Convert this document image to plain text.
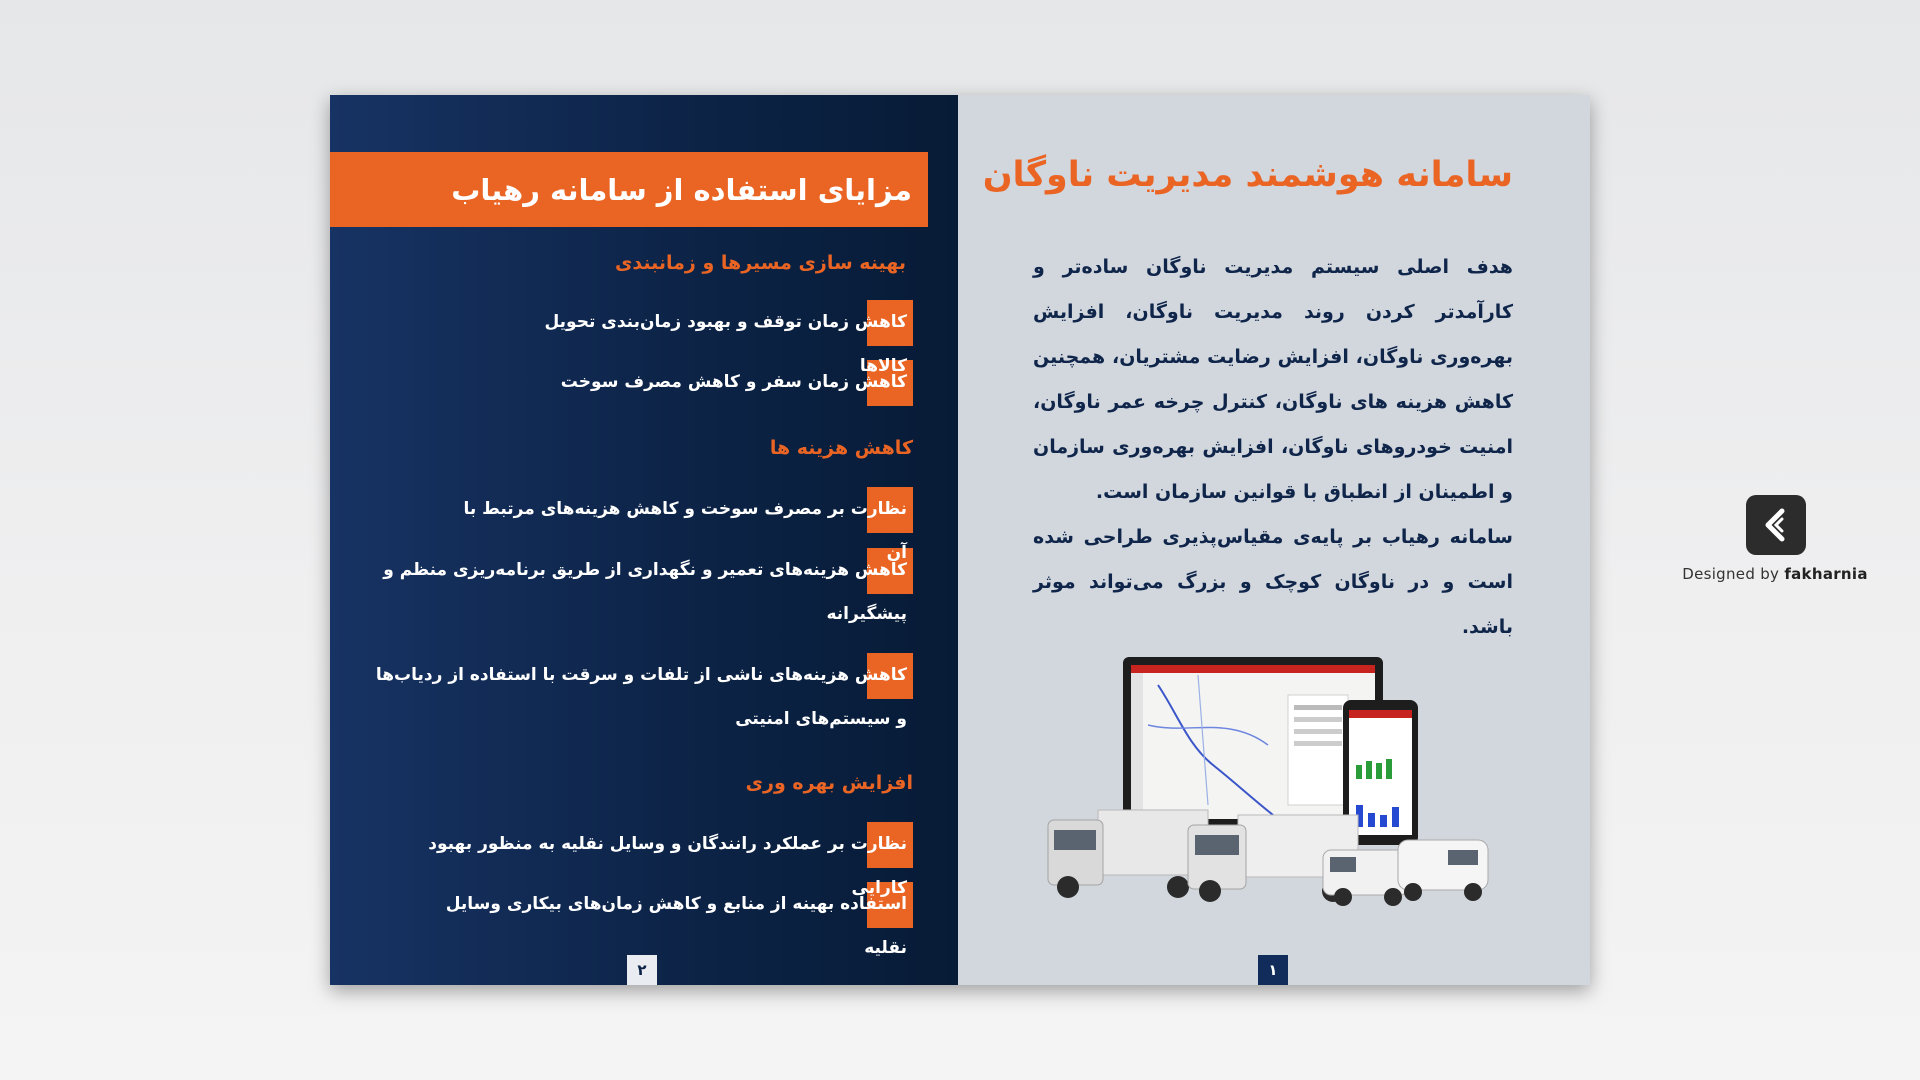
مزایای استفاده از سامانه رهیاب
بهینه سازی مسیرها و زمانبندی
کاهش زمان توقف و بهبود زمان‌بندی تحویل کالاها
کاهش زمان سفر و کاهش مصرف سوخت
کاهش هزینه ها
نظارت بر مصرف سوخت و کاهش هزینه‌های مرتبط با آن
کاهش هزینه‌های تعمیر و نگهداری از طریق برنامه‌ریزی منظم و پیشگیرانه
کاهش هزینه‌های ناشی از تلفات و سرقت با استفاده از ردیاب‌ها و سیستم‌های امنیتی
افزایش بهره وری
نظارت بر عملکرد رانندگان و وسایل نقلیه به منظور بهبود کارایی
استفاده بهینه از منابع و کاهش زمان‌های بیکاری وسایل نقلیه
۲
سامانه هوشمند مدیریت ناوگان

هدف اصلی سیستم مدیریت ناوگان ساده‌تر و کارآمدتر کردن روند مدیریت ناوگان، افزایش بهره‌وری ناوگان، افزایش رضایت مشتریان، همچنین کاهش هزینه های ناوگان، کنترل چرخه عمر ناوگان، امنیت خودروهای ناوگان، افزایش بهره‌وری سازمان و اطمینان از انطباق با قوانین سازمان است.

سامانه رهیاب بر پایه‌ی مقیاس‌پذیری طراحی شده است و در ناوگان کوچک و بزرگ می‌تواند موثر باشد.

۱
Designed by fakharnia
